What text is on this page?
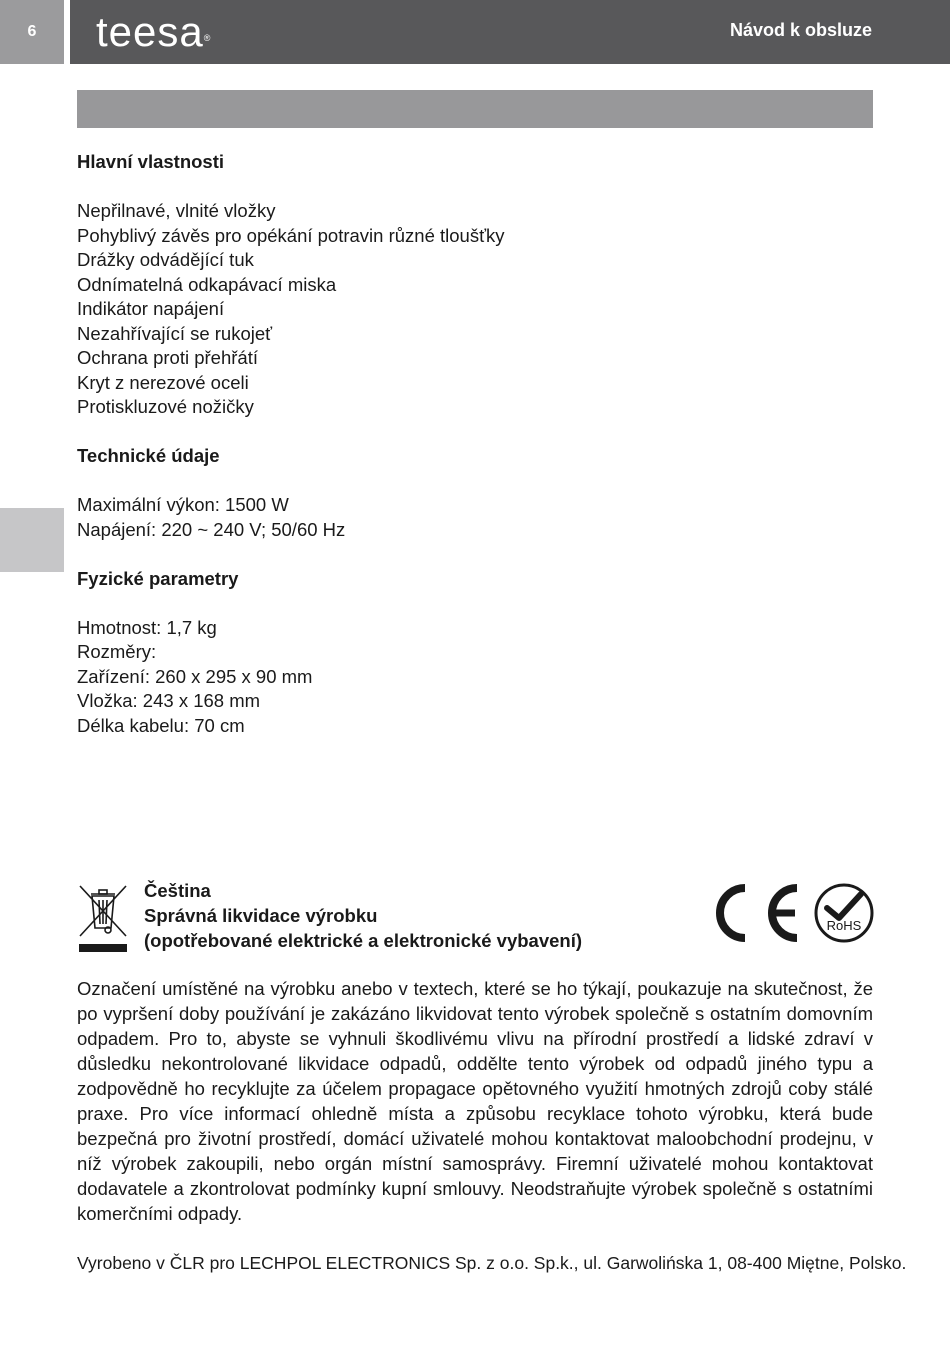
6	teesa®	Návod k obsluze

Hlavní vlastnosti

Nepřilnavé, vlnité vložky

Pohyblivý závěs pro opékání potravin různé tloušťky

Drážky odvádějící tuk

Odnímatelná odkapávací miska

Indikátor napájení

Nezahřívající se rukojeť

Ochrana proti přehřátí

Kryt z nerezové oceli

Protiskluzové nožičky

Technické údaje

Maximální výkon: 1500 W

Napájení: 220 ~ 240 V; 50/60 Hz

Fyzické parametry

Hmotnost: 1,7 kg

Rozměry:

Zařízení: 260 x 295 x 90 mm

Vložka: 243 x 168 mm

Délka kabelu: 70 cm

Čeština
Správná likvidace výrobku
(opotřebované elektrické a elektronické vybavení)
RoHS

Označení umístěné na výrobku anebo v textech, které se ho týkají, poukazuje na skutečnost, že po vypršení doby používání je zakázáno likvidovat tento výrobek společně s ostatním domovním odpadem. Pro to, abyste se vyhnuli škodlivému vlivu na přírodní prostředí a lidské zdraví v důsledku nekontrolované likvidace odpadů, oddělte tento výrobek od odpadů jiného typu a zodpovědně ho recyklujte za účelem propagace opětovného využití hmotných zdrojů coby stálé praxe. Pro více informací ohledně místa a způsobu recyklace tohoto výrobku, která bude bezpečná pro životní prostředí, domácí uživatelé mohou kontaktovat maloobchodní prodejnu, v níž výrobek zakoupili, nebo orgán místní samosprávy. Firemní uživatelé mohou kontaktovat dodavatele a zkontrolovat podmínky kupní smlouvy. Neodstraňujte výrobek společně s ostatními komerčními odpady.

Vyrobeno v ČLR pro LECHPOL ELECTRONICS Sp. z o.o. Sp.k., ul. Garwolińska 1, 08-400 Miętne, Polsko.
